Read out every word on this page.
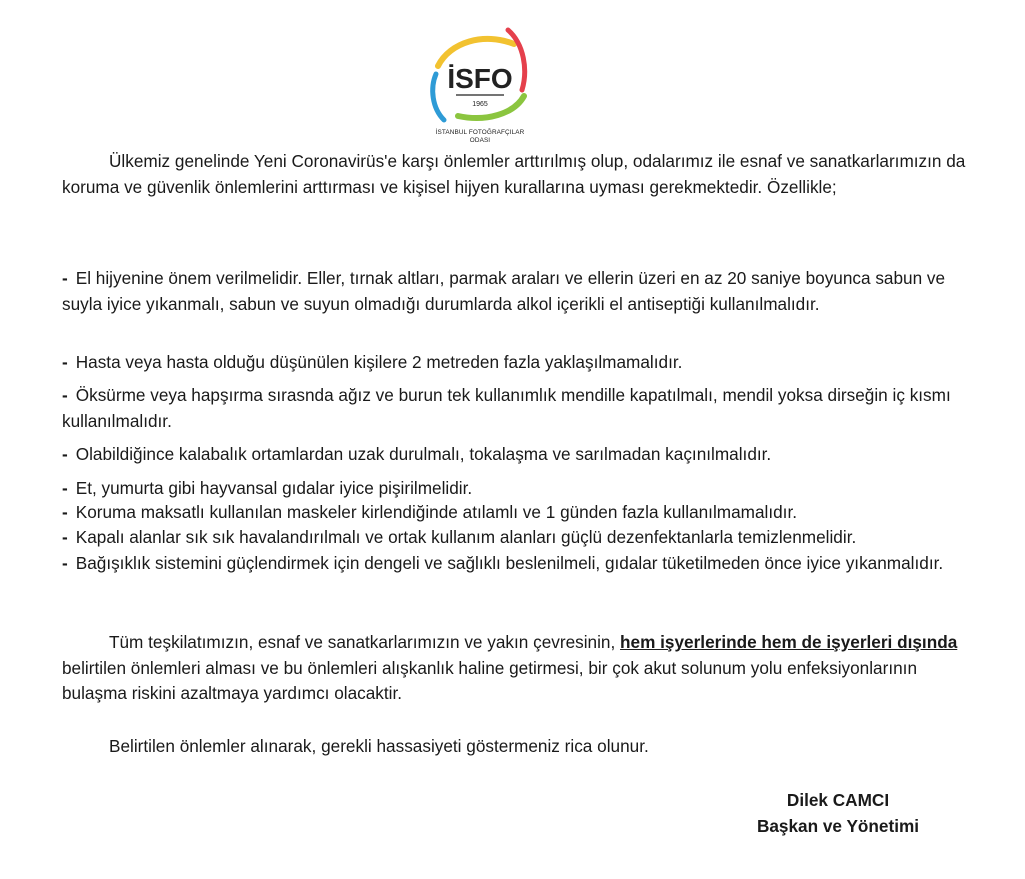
İSFO
1965
İSTANBUL FOTOĞRAFÇILAR
ODASI

Ülkemiz genelinde Yeni Coronavirüs'e karşı önlemler arttırılmış olup, odalarımız ile esnaf ve sanatkarlarımızın da koruma ve güvenlik önlemlerini arttırması ve kişisel hijyen kurallarına uyması gerekmektedir. Özellikle;

- El hijyenine önem verilmelidir. Eller, tırnak altları, parmak araları ve ellerin üzeri en az 20 saniye boyunca sabun ve suyla iyice yıkanmalı, sabun ve suyun olmadığı durumlarda alkol içerikli el antiseptiği kullanılmalıdır.
- Hasta veya hasta olduğu düşünülen kişilere 2 metreden fazla yaklaşılmamalıdır.
- Öksürme veya hapşırma sırasnda ağız ve burun tek kullanımlık mendille kapatılmalı, mendil yoksa dirseğin iç kısmı kullanılmalıdır.
- Olabildiğince kalabalık ortamlardan uzak durulmalı, tokalaşma ve sarılmadan kaçınılmalıdır.
- Et, yumurta gibi hayvansal gıdalar iyice pişirilmelidir.
- Koruma maksatlı kullanılan maskeler kirlendiğinde atılamlı ve 1 günden fazla kullanılmamalıdır.
- Kapalı alanlar sık sık havalandırılmalı ve ortak kullanım alanları güçlü dezenfektanlarla temizlenmelidir.
- Bağışıklık sistemini güçlendirmek için dengeli ve sağlıklı beslenilmeli, gıdalar tüketilmeden önce iyice yıkanmalıdır.

Tüm teşkilatımızın, esnaf ve sanatkarlarımızın ve yakın çevresinin, hem işyerlerinde hem de işyerleri dışında belirtilen önlemleri alması ve bu önlemleri alışkanlık haline getirmesi, bir çok akut solunum yolu enfeksiyonlarının bulaşma riskini azaltmaya yardımcı olacaktir.

Belirtilen önlemler alınarak, gerekli hassasiyeti göstermeniz rica olunur.

Dilek CAMCI
Başkan ve Yönetimi
